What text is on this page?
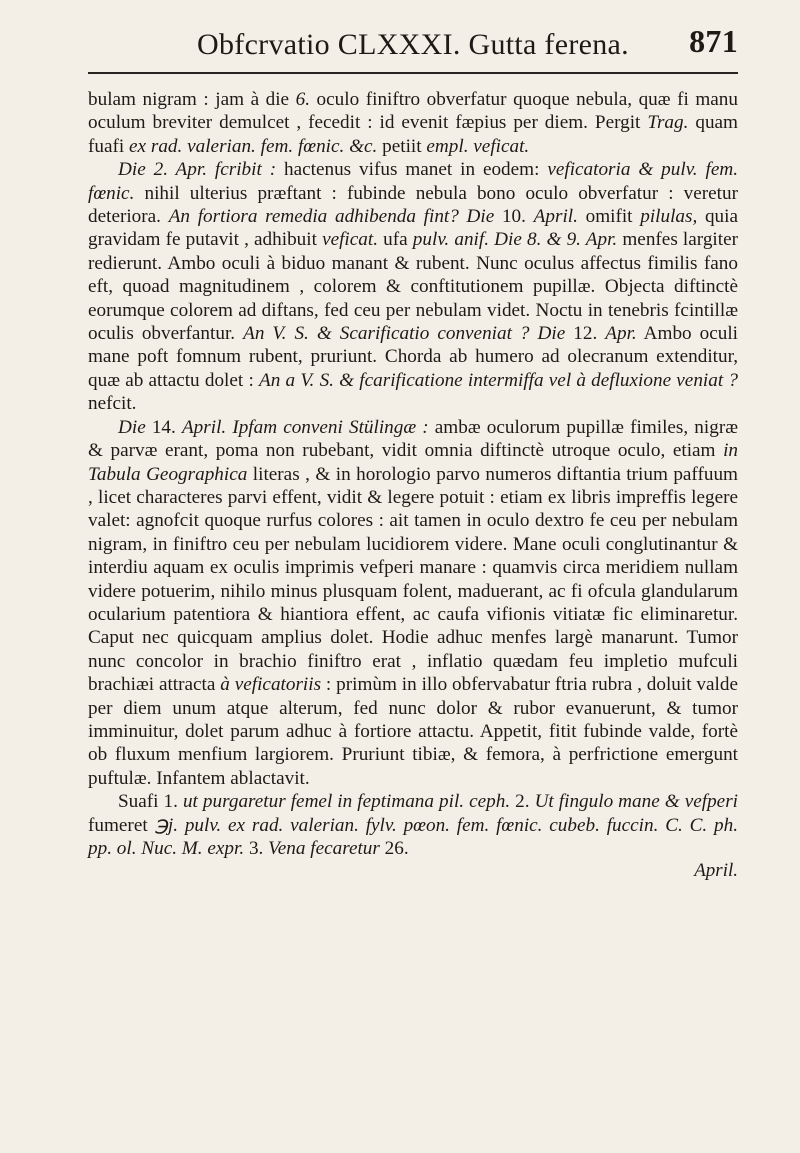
Obfcrvatio CLXXXI. Gutta ferena. 871

bulam nigram : jam à die 6. oculo finiftro obverfatur quoque nebula, quæ fi manu oculum breviter demulcet , fecedit : id evenit fæpius per diem. Pergit Trag. quam fuafi ex rad. valerian. fem. fœnic. &c. petiit empl. veficat.

Die 2. Apr. fcribit : hactenus vifus manet in eodem: veficatoria & pulv. fem. fœnic. nihil ulterius præftant : fubinde nebula bono oculo obverfatur : veretur deteriora. An fortiora remedia adhibenda fint? Die 10. April. omifit pilulas, quia gravidam fe putavit , adhibuit veficat. ufa pulv. anif. Die 8. & 9. Apr. menfes largiter redierunt. Ambo oculi à biduo manant & rubent. Nunc oculus affectus fimilis fano eft, quoad magnitudinem , colorem & conftitutionem pupillæ. Objecta diftinctè eorumque colorem ad diftans, fed ceu per nebulam videt. Noctu in tenebris fcintillæ oculis obverfantur. An V. S. & Scarificatio conveniat ? Die 12. Apr. Ambo oculi mane poft fomnum rubent, pruriunt. Chorda ab humero ad olecranum extenditur, quæ ab attactu dolet : An a V. S. & fcarificatione intermiffa vel à defluxione veniat ? nefcit.

Die 14. April. Ipfam conveni Stülingæ : ambæ oculorum pupillæ fimiles, nigræ & parvæ erant, poma non rubebant, vidit omnia diftinctè utroque oculo, etiam in Tabula Geographica literas , & in horologio parvo numeros diftantia trium paffuum , licet characteres parvi effent, vidit & legere potuit : etiam ex libris impreffis legere valet: agnofcit quoque rurfus colores : ait tamen in oculo dextro fe ceu per nebulam nigram, in finiftro ceu per nebulam lucidiorem videre. Mane oculi conglutinantur & interdiu aquam ex oculis imprimis vefperi manare : quamvis circa meridiem nullam videre potuerim, nihilo minus plusquam folent, maduerant, ac fi ofcula glandularum ocularium patentiora & hiantiora effent, ac caufa vifionis vitiatæ fic eliminaretur. Caput nec quicquam amplius dolet. Hodie adhuc menfes largè manarunt. Tumor nunc concolor in brachio finiftro erat , inflatio quædam feu impletio mufculi brachiæi attracta à veficatoriis : primùm in illo obfervabatur ftria rubra , doluit valde per diem unum atque alterum, fed nunc dolor & rubor evanuerunt, & tumor imminuitur, dolet parum adhuc à fortiore attactu. Appetit, fitit fubinde valde, fortè ob fluxum menfium largiorem. Pruriunt tibiæ, & femora, à perfrictione emergunt puftulæ. Infantem ablactavit.

Suafi 1. ut purgaretur femel in feptimana pil. ceph. 2. Ut fingulo mane & vefperi fumeret ℈j. pulv. ex rad. valerian. fylv. pœon. fem. fœnic. cubeb. fuccin. C. C. ph. pp. ol. Nuc. M. expr. 3. Vena fecaretur 26.

April.
